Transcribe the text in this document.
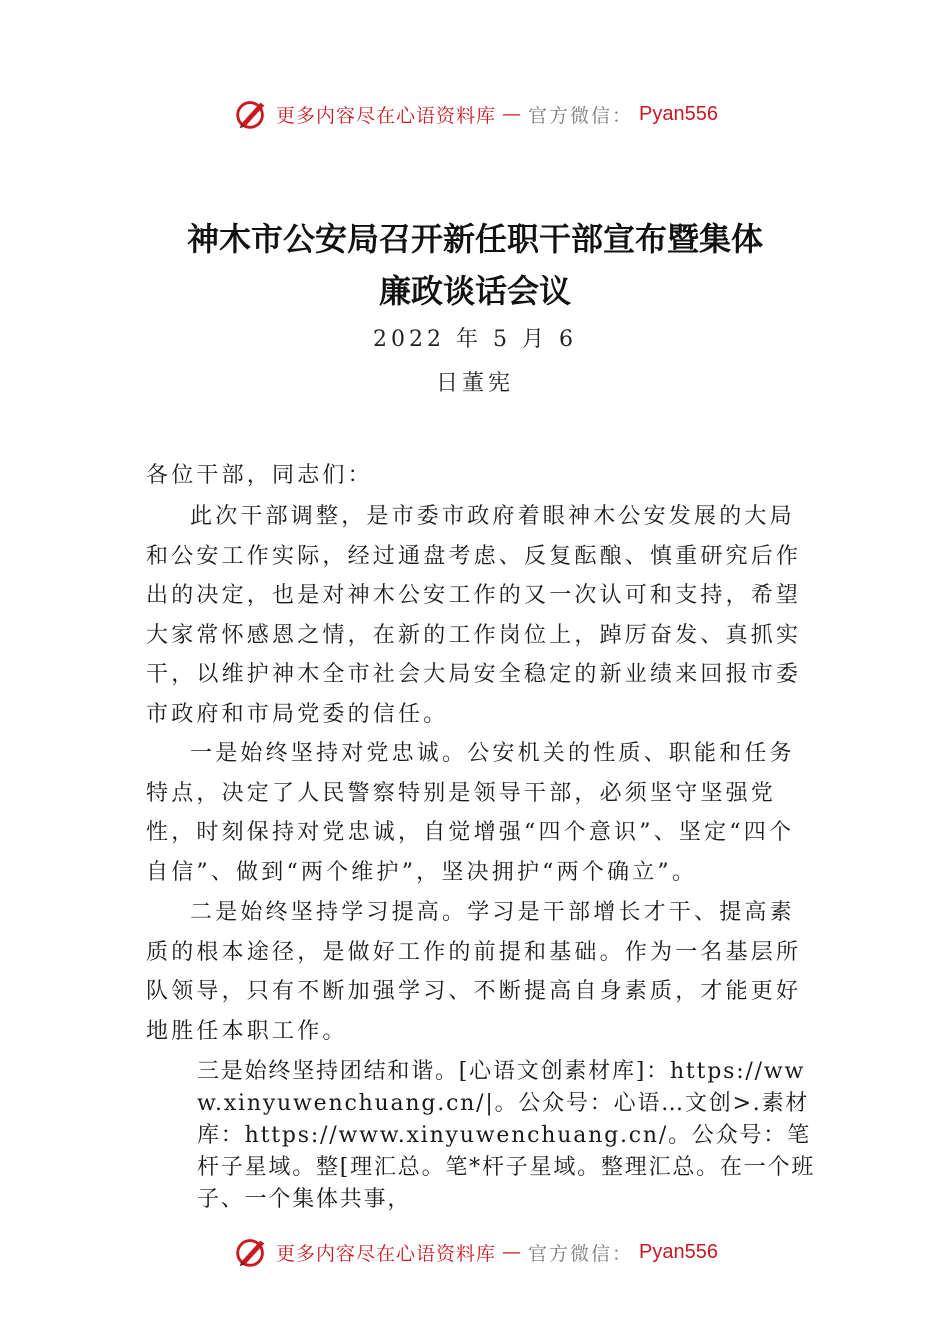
更多内容尽在心语资料库 — 官方微信： Pyan556
神木市公安局召开新任职干部宣布暨集体
廉政谈话会议
2022 年 5 月 6
日董宪

各位干部，同志们：

此次干部调整，是市委市政府着眼神木公安发展的大局和公安工作实际，经过通盘考虑、反复酝酿、慎重研究后作出的决定，也是对神木公安工作的又一次认可和支持，希望大家常怀感恩之情，在新的工作岗位上，踔厉奋发、真抓实干，以维护神木全市社会大局安全稳定的新业绩来回报市委市政府和市局党委的信任。

一是始终坚持对党忠诚。公安机关的性质、职能和任务特点，决定了人民警察特别是领导干部，必须坚守坚强党性，时刻保持对党忠诚，自觉增强“四个意识”、坚定“四个自信”、做到“两个维护”，坚决拥护“两个确立”。

二是始终坚持学习提高。学习是干部增长才干、提高素质的根本途径，是做好工作的前提和基础。作为一名基层所队领导，只有不断加强学习、不断提高自身素质，才能更好地胜任本职工作。

三是始终坚持团结和谐。[心语文创素材库]：https://www.xinyuwenchuang.cn/|。公众号：心语…文创>.素材库：https://www.xinyuwenchuang.cn/。公众号：笔杆子星域。整[理汇总。笔*杆子星域。整理汇总。在一个班子、一个集体共事，

更多内容尽在心语资料库 — 官方微信： Pyan556
